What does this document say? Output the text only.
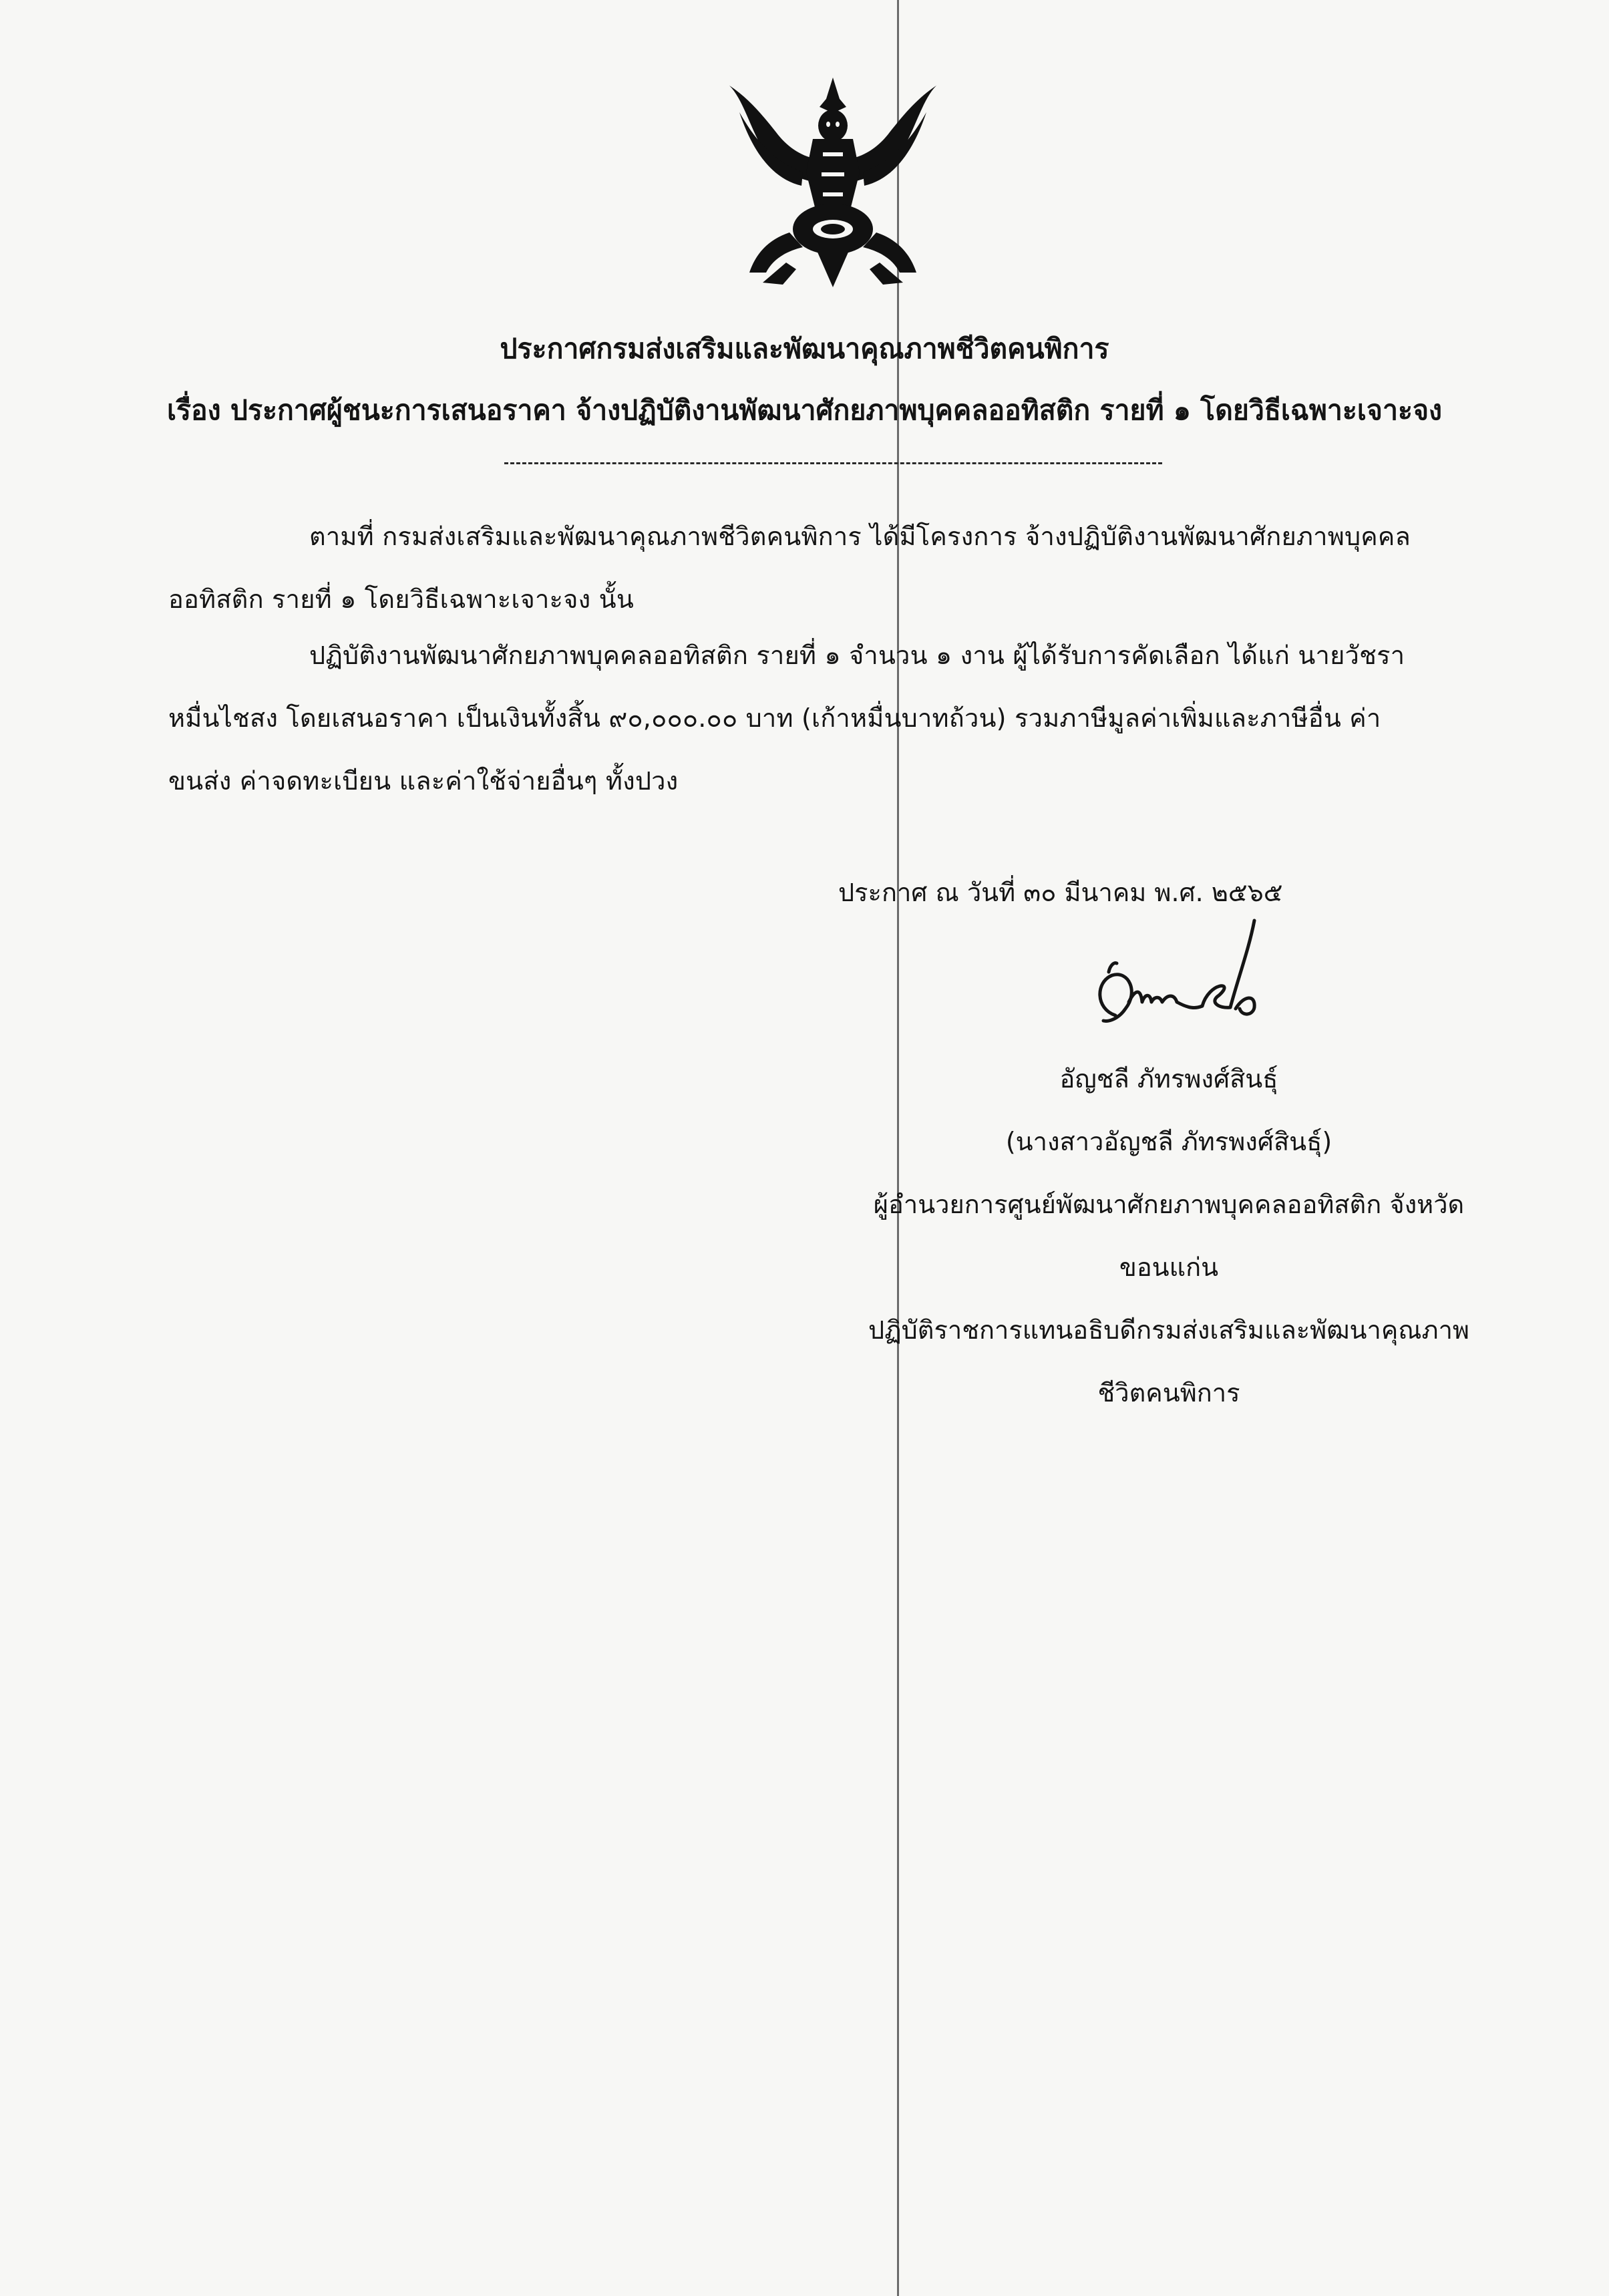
ประกาศกรมส่งเสริมและพัฒนาคุณภาพชีวิตคนพิการ
เรื่อง ประกาศผู้ชนะการเสนอราคา จ้างปฏิบัติงานพัฒนาศักยภาพบุคคลออทิสติก รายที่ ๑ โดยวิธีเฉพาะเจาะจง
ตามที่ กรมส่งเสริมและพัฒนาคุณภาพชีวิตคนพิการ ได้มีโครงการ จ้างปฏิบัติงานพัฒนาศักยภาพบุคคล
ออทิสติก รายที่ ๑ โดยวิธีเฉพาะเจาะจง นั้น
ปฏิบัติงานพัฒนาศักยภาพบุคคลออทิสติก รายที่ ๑ จำนวน ๑ งาน ผู้ได้รับการคัดเลือก ได้แก่ นายวัชรา
หมื่นไชสง โดยเสนอราคา เป็นเงินทั้งสิ้น ๙๐,๐๐๐.๐๐ บาท (เก้าหมื่นบาทถ้วน) รวมภาษีมูลค่าเพิ่มและภาษีอื่น ค่า
ขนส่ง ค่าจดทะเบียน และค่าใช้จ่ายอื่นๆ ทั้งปวง
ประกาศ ณ วันที่ ๓๐ มีนาคม พ.ศ. ๒๕๖๕
อัญชลี ภัทรพงศ์สินธุ์
(นางสาวอัญชลี ภัทรพงศ์สินธุ์)
ผู้อำนวยการศูนย์พัฒนาศักยภาพบุคคลออทิสติก จังหวัด
ขอนแก่น
ปฏิบัติราชการแทนอธิบดีกรมส่งเสริมและพัฒนาคุณภาพ
ชีวิตคนพิการ
